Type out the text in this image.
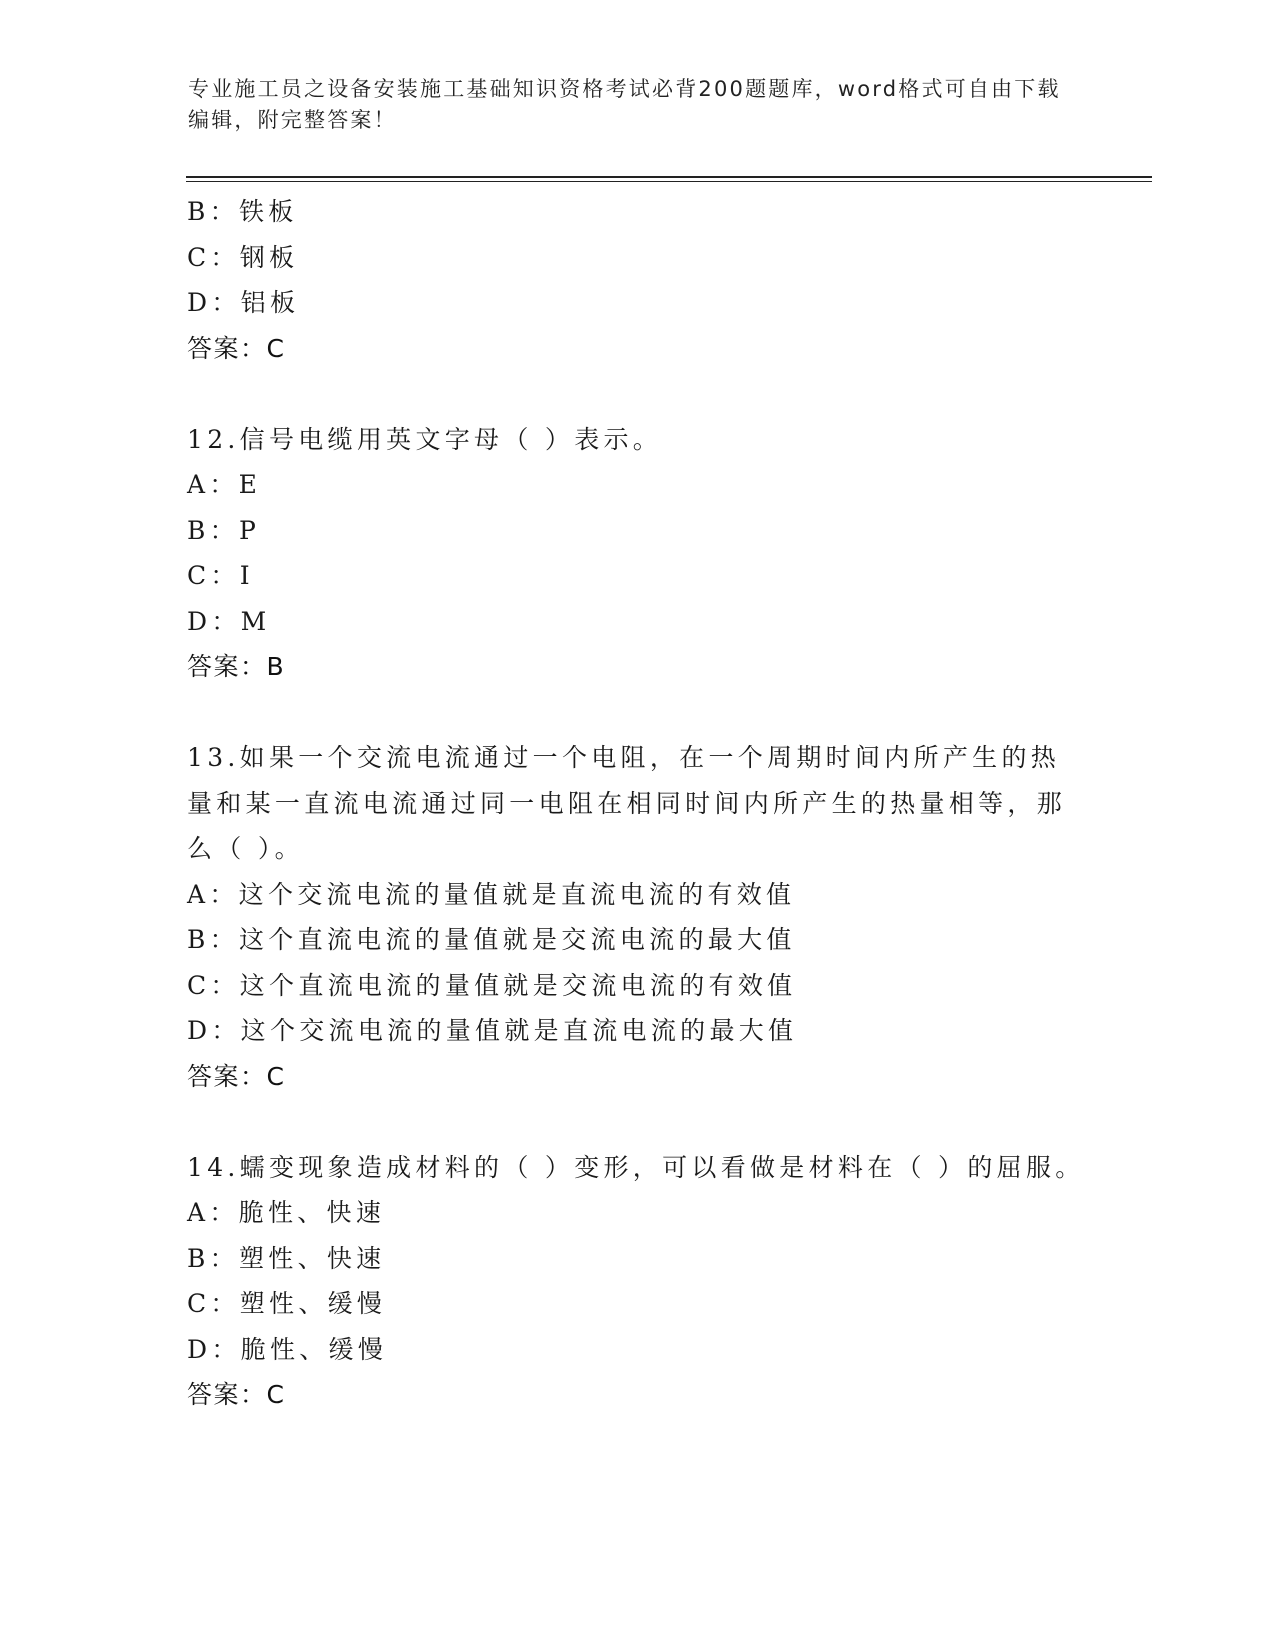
专业施工员之设备安装施工基础知识资格考试必背200题题库，word格式可自由下载编辑，附完整答案！
B：铁板
C：钢板
D：铝板
答案：C
12.信号电缆用英文字母（ ）表示。
A：E
B：P
C：I
D：M
答案：B
13.如果一个交流电流通过一个电阻，在一个周期时间内所产生的热量和某一直流电流通过同一电阻在相同时间内所产生的热量相等，那么（ ）。
A：这个交流电流的量值就是直流电流的有效值
B：这个直流电流的量值就是交流电流的最大值
C：这个直流电流的量值就是交流电流的有效值
D：这个交流电流的量值就是直流电流的最大值
答案：C
14.蠕变现象造成材料的（ ）变形，可以看做是材料在（ ）的屈服。
A：脆性、快速
B：塑性、快速
C：塑性、缓慢
D：脆性、缓慢
答案：C
